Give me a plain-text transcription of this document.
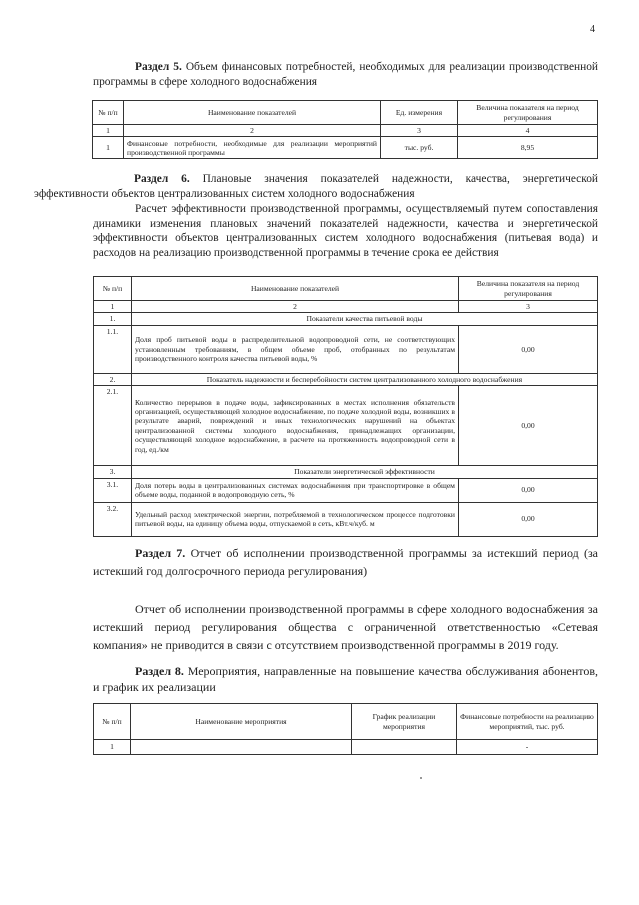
4
Раздел 5. Объем финансовых потребностей, необходимых для реализации производственной программы в сфере холодного водоснабжения
№ п/п	Наименование показателей	Ед. измерения	Величина показателя на период регулирования
1	2	3	4
1	Финансовые потребности, необходимые для реализации мероприятий производственной программы	тыс. руб.	8,95
Раздел 6. Плановые значения показателей надежности, качества, энергетической эффективности объектов централизованных систем холодного водоснабжения
Расчет эффективности производственной программы, осуществляемый путем сопоставления динамики изменения плановых значений показателей надежности, качества и энергетической эффективности объектов централизованных систем холодного водоснабжения (питьевая вода) и расходов на реализацию производственной программы в течение срока ее действия
№ п/п	Наименование показателей	Величина показателя на период регулирования
1	2	3
1.	Показатели качества питьевой воды	
1.1.	Доля проб питьевой воды в распределительной водопроводной сети, не соответствующих установленным требованиям, в общем объеме проб, отобранных по результатам производственного контроля качества питьевой воды, %	0,00
2.	Показатель надежности и бесперебойности систем централизованного холодного водоснабжения	
2.1.	Количество перерывов в подаче воды, зафиксированных в местах исполнения обязательств организацией, осуществляющей холодное водоснабжение, по подаче холодной воды, возникших в результате аварий, повреждений и иных технологических нарушений на объектах централизованной системы холодного водоснабжения, принадлежащих организации, осуществляющей холодное водоснабжение, в расчете на протяженность водопроводной сети в год, ед./км	0,00
3.	Показатели энергетической эффективности	
3.1.	Доля потерь воды в централизованных системах водоснабжения при транспортировке в общем объеме воды, поданной в водопроводную сеть, %	0,00
3.2.	Удельный расход электрической энергии, потребляемой в технологическом процессе подготовки питьевой воды, на единицу объема воды, отпускаемой в сеть, кВт.ч/куб. м	0,00
Раздел 7. Отчет об исполнении производственной программы за истекший период (за истекший год долгосрочного периода регулирования)
Отчет об исполнении производственной программы в сфере холодного водоснабжения за истекший период регулирования общества с ограниченной ответственностью «Сетевая компания» не приводится в связи с отсутствием производственной программы в 2019 году.
Раздел 8. Мероприятия, направленные на повышение качества обслуживания абонентов, и график их реализации
№ п/п	Наименование мероприятия	График реализации мероприятия	Финансовые потребности на реализацию мероприятий, тыс. руб.
1			-
